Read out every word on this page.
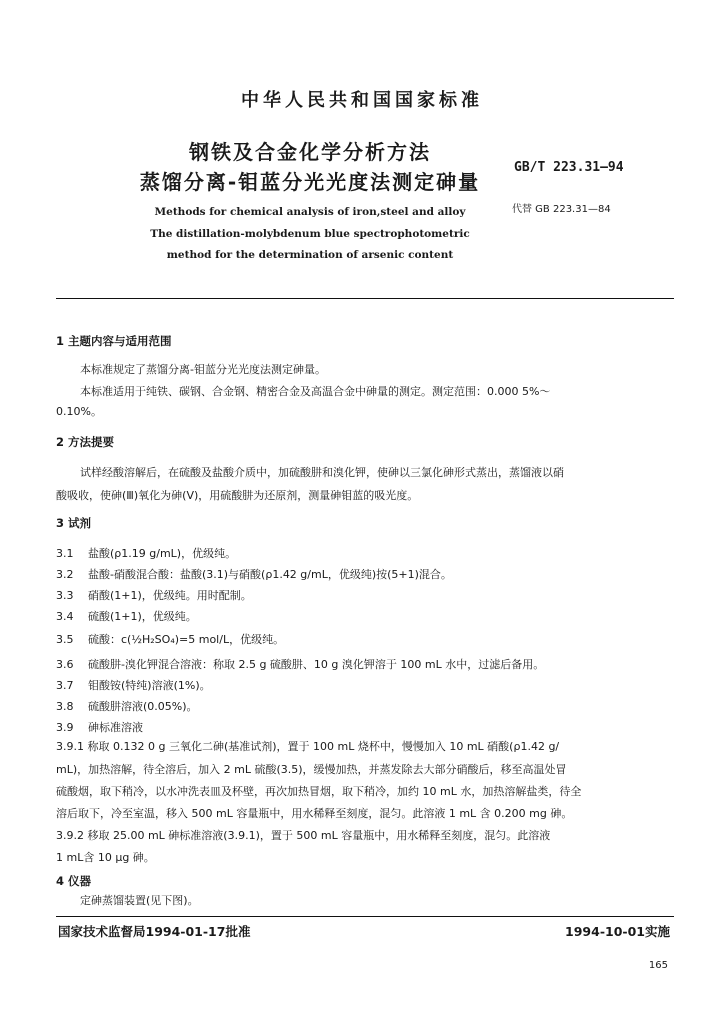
中华人民共和国国家标准
钢铁及合金化学分析方法
蒸馏分离-钼蓝分光光度法测定砷量
GB/T 223.31—94
代替 GB 223.31—84
Methods for chemical analysis of iron,steel and alloy
The distillation-molybdenum blue spectrophotometric
method for the determination of arsenic content
1 主题内容与适用范围
本标准规定了蒸馏分离-钼蓝分光光度法测定砷量。
本标准适用于纯铁、碳钢、合金钢、精密合金及高温合金中砷量的测定。测定范围：0.000 5%～
0.10%。
2 方法提要
试样经酸溶解后，在硫酸及盐酸介质中，加硫酸肼和溴化钾，使砷以三氯化砷形式蒸出，蒸馏液以硝
酸吸收，使砷(Ⅲ)氧化为砷(Ⅴ)，用硫酸肼为还原剂，测量砷钼蓝的吸光度。
3 试剂
3.1 盐酸(ρ1.19 g/mL)，优级纯。
3.2 盐酸-硝酸混合酸：盐酸(3.1)与硝酸(ρ1.42 g/mL，优级纯)按(5+1)混合。
3.3 硝酸(1+1)，优级纯。用时配制。
3.4 硫酸(1+1)，优级纯。
3.5 硫酸：c(½H₂SO₄)=5 mol/L，优级纯。
3.6 硫酸肼-溴化钾混合溶液：称取 2.5 g 硫酸肼、10 g 溴化钾溶于 100 mL 水中，过滤后备用。
3.7 钼酸铵(特纯)溶液(1%)。
3.8 硫酸肼溶液(0.05%)。
3.9 砷标准溶液
3.9.1 称取 0.132 0 g 三氧化二砷(基准试剂)，置于 100 mL 烧杯中，慢慢加入 10 mL 硝酸(ρ1.42 g/
mL)，加热溶解，待全溶后，加入 2 mL 硫酸(3.5)，缓慢加热，并蒸发除去大部分硝酸后，移至高温处冒
硫酸烟，取下稍冷，以水冲洗表皿及杯壁，再次加热冒烟，取下稍冷，加约 10 mL 水，加热溶解盐类，待全
溶后取下，冷至室温，移入 500 mL 容量瓶中，用水稀释至刻度，混匀。此溶液 1 mL 含 0.200 mg 砷。
3.9.2 移取 25.00 mL 砷标准溶液(3.9.1)，置于 500 mL 容量瓶中，用水稀释至刻度，混匀。此溶液
1 mL含 10 μg 砷。
4 仪器
定砷蒸馏装置(见下图)。
国家技术监督局1994-01-17批准	1994-10-01实施
165
